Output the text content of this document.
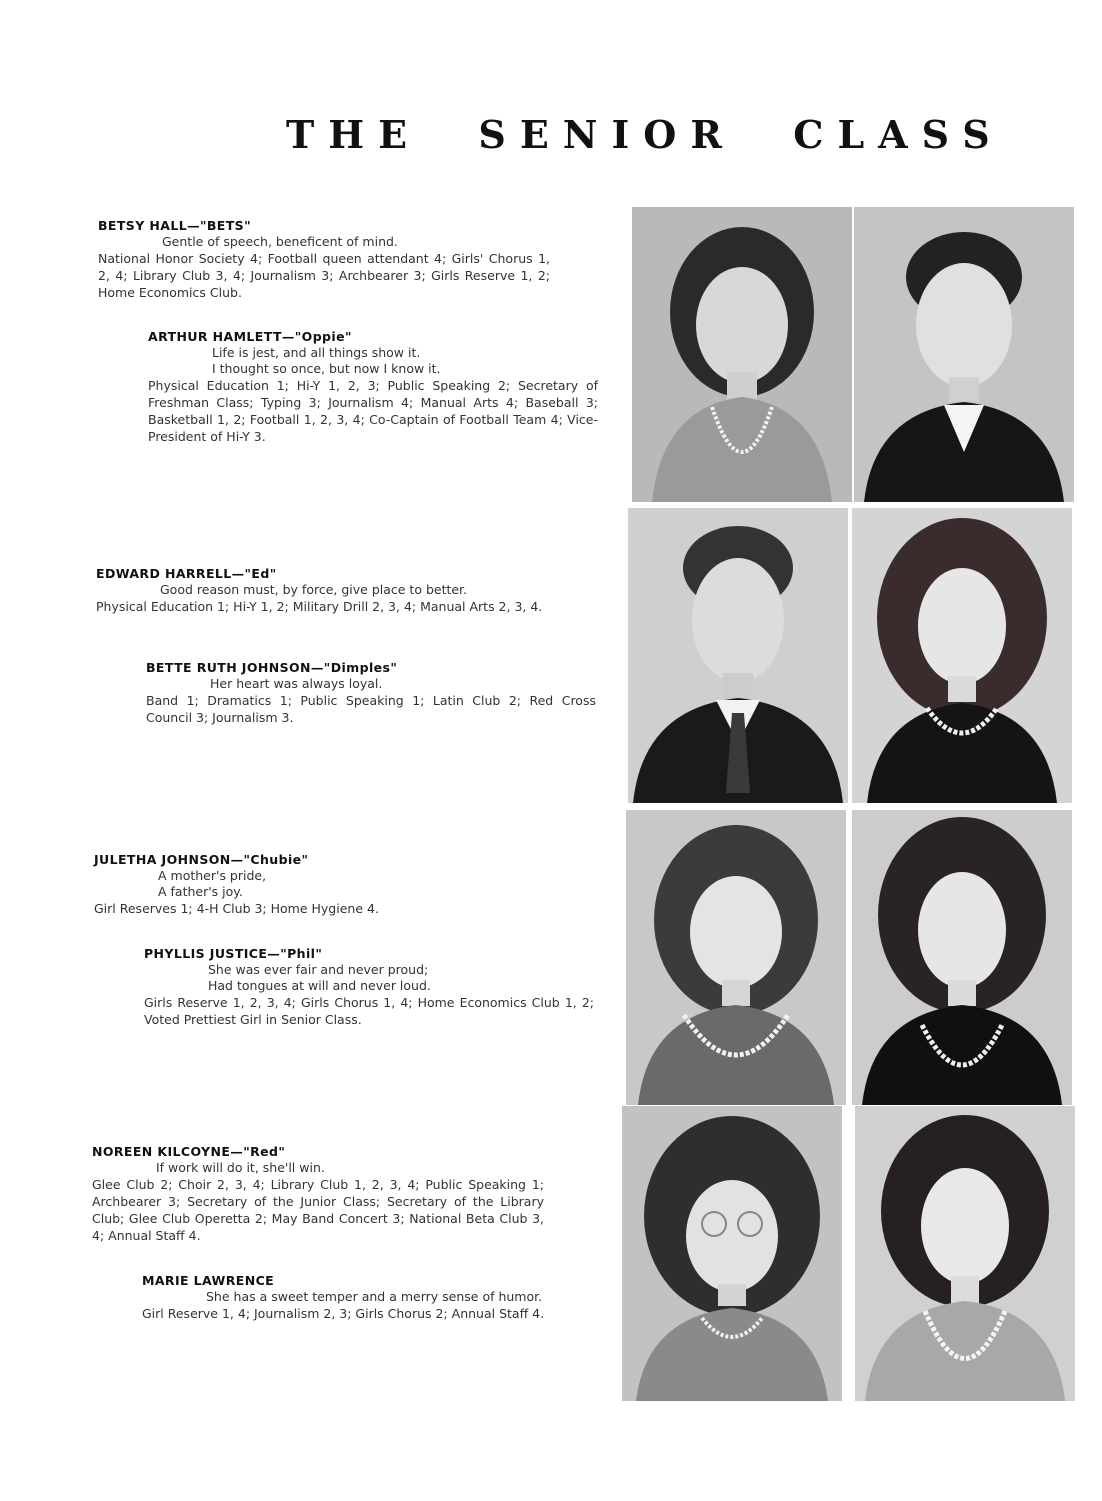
THE SENIOR CLASS
BETSY HALL—"BETS"
Gentle of speech, beneficent of mind.
National Honor Society 4; Football queen attendant 4; Girls' Chorus 1, 2, 4; Library Club 3, 4; Journalism 3; Archbearer 3; Girls Reserve 1, 2; Home Economics Club.
ARTHUR HAMLETT—"Oppie"
Life is jest, and all things show it.
I thought so once, but now I know it.
Physical Education 1; Hi-Y 1, 2, 3; Public Speaking 2; Secretary of Freshman Class; Typing 3; Journalism 4; Manual Arts 4; Baseball 3; Basketball 1, 2; Football 1, 2, 3, 4; Co-Captain of Football Team 4; Vice-President of Hi-Y 3.
EDWARD HARRELL—"Ed"
Good reason must, by force, give place to better.
Physical Education 1; Hi-Y 1, 2; Military Drill 2, 3, 4; Manual Arts 2, 3, 4.
BETTE RUTH JOHNSON—"Dimples"
Her heart was always loyal.
Band 1; Dramatics 1; Public Speaking 1; Latin Club 2; Red Cross Council 3; Journalism 3.
JULETHA JOHNSON—"Chubie"
A mother's pride,
A father's joy.
Girl Reserves 1; 4-H Club 3; Home Hygiene 4.
PHYLLIS JUSTICE—"Phil"
She was ever fair and never proud;
Had tongues at will and never loud.
Girls Reserve 1, 2, 3, 4; Girls Chorus 1, 4; Home Economics Club 1, 2; Voted Prettiest Girl in Senior Class.
NOREEN KILCOYNE—"Red"
If work will do it, she'll win.
Glee Club 2; Choir 2, 3, 4; Library Club 1, 2, 3, 4; Public Speaking 1; Archbearer 3; Secretary of the Junior Class; Secretary of the Library Club; Glee Club Operetta 2; May Band Concert 3; National Beta Club 3, 4; Annual Staff 4.
MARIE LAWRENCE
She has a sweet temper and a merry sense of humor.
Girl Reserve 1, 4; Journalism 2, 3; Girls Chorus 2; Annual Staff 4.
